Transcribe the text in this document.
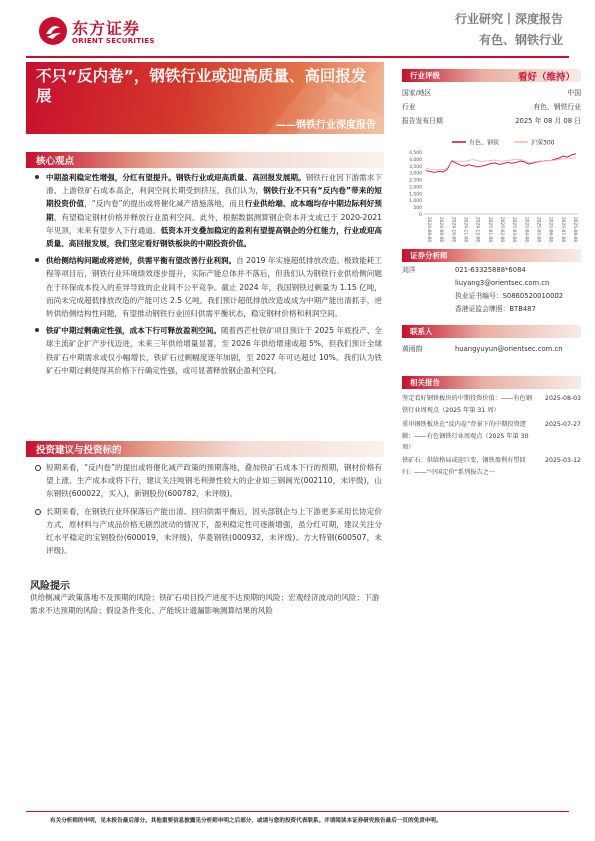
东方证券
ORIENT SECURITIES
行业研究丨深度报告
有色、钢铁行业
不只“反内卷”，钢铁行业或迎高质量、高回报发展
——钢铁行业深度报告
核心观点
中期盈利稳定性增强，分红有望提升。钢铁行业或迎高质量、高回报发展期。钢铁行业因下游需求下滑、上游铁矿石成本高企，利润空间长期受到挤压。我们认为，钢铁行业不只有“反内卷”带来的短期投资价值，“反内卷”的提出或将催化减产措施落地，而且行业供给端、成本端均存中期边际利好预期，有望稳定钢材价格并释放行业盈利空间。此外，根据数据测算钢企资本开支或已于 2020-2021 年见顶，未来有望步入下行通道。低资本开支叠加稳定的盈利有望提高钢企的分红能力，行业或迎高质量、高回报发展，我们坚定看好钢铁板块的中期投资价值。
供给侧结构问题或将逆转，供需平衡有望改善行业利润。自 2019 年实施超低排放改造、极致能耗工程等项目后，钢铁行业环境绩效逐步提升，实际产能总体并不落后，但我们认为钢铁行业供给侧问题在于环保成本投入的差异导致的企业间不公平竞争。截止 2024 年，我国钢铁过剩量为 1.15 亿吨，而尚未完成超低排放改造的产能可达 2.5 亿吨。我们预计超低排放改造或成为中期产能出清抓手，逆转供给侧结构性问题，有望推动钢铁行业回归供需平衡状态，稳定钢材价格和利润空间。
铁矿中期过剩确定性强，成本下行可释放盈利空间。随着西芒杜铁矿项目预计于 2025 年底投产、全球主流矿企扩产步伐迈进，未来三年供给增量显著，至 2026 年供给增速或超 5%，但我们预计全球铁矿石中期需求或仅小幅增长，铁矿石过剩幅度逐年加剧，至 2027 年可达超过 10%。我们认为铁矿石中期过剩使得其价格下行确定性强，或可显著释放钢企盈利空间。
投资建议与投资标的
短期来看，“反内卷”的提出或将催化减产政策的预期落地，叠加铁矿石成本下行的预期，钢材价格有望上涨、生产成本或将下行，建议关注吨钢毛利弹性较大的企业如三钢闽光(002110，未评级)，山东钢铁(600022，买入)，新钢股份(600782，未评级)。
长期来看，在钢铁行业环保落后产能出清、回归供需平衡后，因头部钢企与上下游更多采用长协定价方式，原材料与产成品价格无剧烈波动的情况下，盈利稳定性可逐渐增强，虽分红可期，建议关注分红水平稳定的宝钢股份(600019，未评级)，华菱钢铁(000932，未评级)、方大特钢(600507，未评级)。
风险提示
供给侧减产政策落地不及预期的风险；铁矿石项目投产进度不达预期的风险；宏观经济波动的风险；下游需求不达预期的风险；假设条件变化、产能统计遗漏影响测算结果的风险
行业评级	看好（维持）
国家/地区	中国
行业	有色、钢铁行业
报告发布日期	2025 年 08 月 08 日
有色、钢铁	沪深300
4,500
4,000
3,500
3,000
2,500
2,000
1,500
1,000
500
0
2024-08-08 2024-09-08 2024-10-08 2024-11-08 2024-12-08 2025-01-08 2025-02-08 2025-03-08 2025-04-08 2025-05-08 2025-06-08 2025-07-08 2025-08-08
证券分析师
刘洋	021-63325888*6084
liuyang3@orientsec.com.cn
执业证书编号：S0860520010002
香港证监会牌照：BTB487
联系人
黄雨韵	huangyuyun@orientsec.com.cn
相关报告
坚定看好钢铁板块的中期投资价值：——有色钢铁行业周观点（2025 年第 31 周）
2025-08-03
重申钢铁板块在“反内卷”背景下的中期投资逻辑：——有色钢铁行业周观点（2025 年第 30 周）
2025-07-27
铁矿石：供给格局或迎巨变，钢铁盈利有望回归：——“中国定价”系列报告之一
2025-03-12
有关分析师的申明，见本报告最后部分。其他重要信息披露见分析师申明之后部分，或请与您的投资代表联系。并请阅读本证券研究报告最后一页的免责申明。
